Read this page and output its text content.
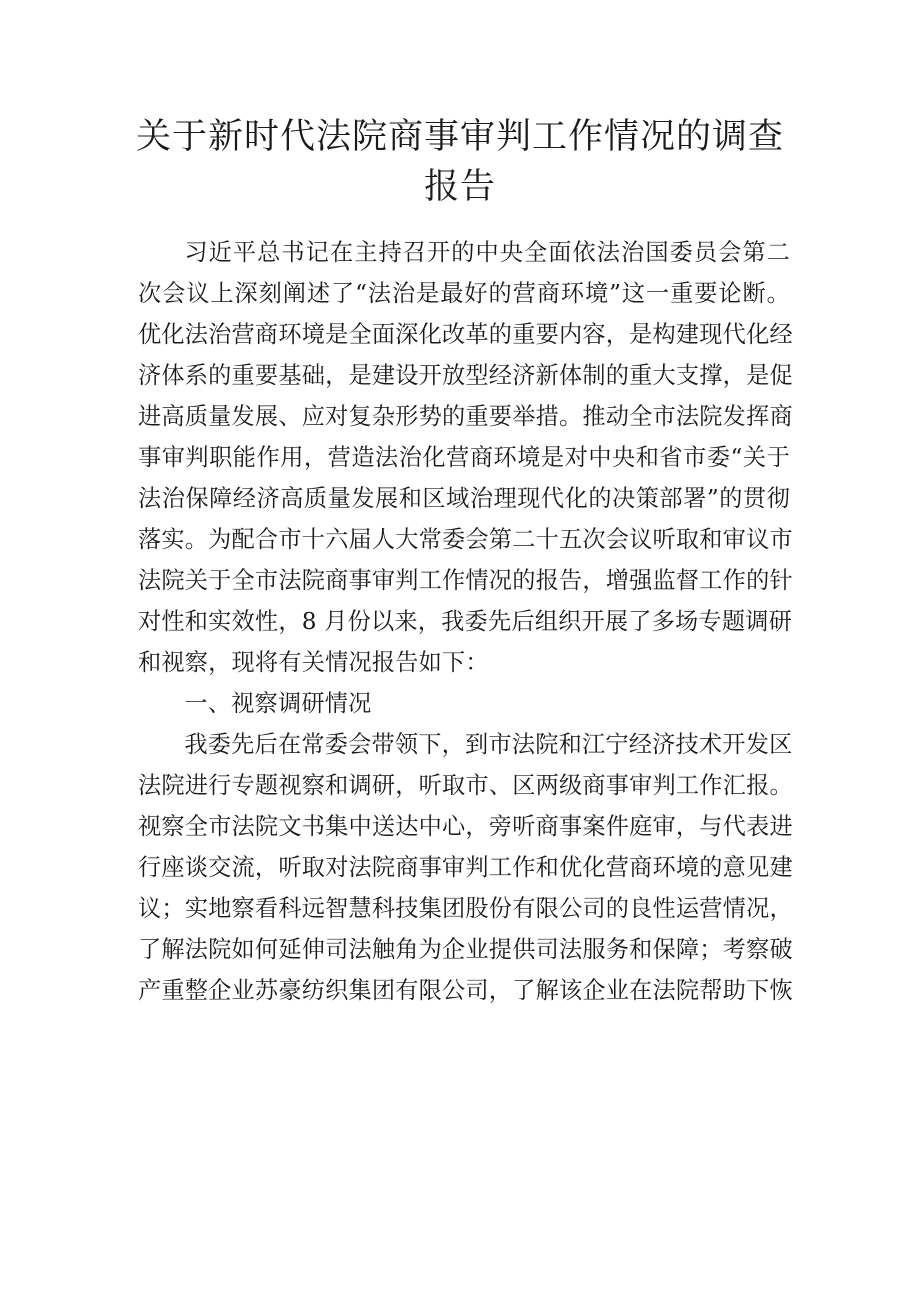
关于新时代法院商事审判工作情况的调查
报告
习近平总书记在主持召开的中央全面依法治国委员会第二
次会议上深刻阐述了“法治是最好的营商环境”这一重要论断。
优化法治营商环境是全面深化改革的重要内容，是构建现代化经
济体系的重要基础，是建设开放型经济新体制的重大支撑，是促
进高质量发展、应对复杂形势的重要举措。推动全市法院发挥商
事审判职能作用，营造法治化营商环境是对中央和省市委“关于
法治保障经济高质量发展和区域治理现代化的决策部署”的贯彻
落实。为配合市十六届人大常委会第二十五次会议听取和审议市
法院关于全市法院商事审判工作情况的报告，增强监督工作的针
对性和实效性，8 月份以来，我委先后组织开展了多场专题调研
和视察，现将有关情况报告如下：
一、视察调研情况
我委先后在常委会带领下，到市法院和江宁经济技术开发区
法院进行专题视察和调研，听取市、区两级商事审判工作汇报。
视察全市法院文书集中送达中心，旁听商事案件庭审，与代表进
行座谈交流，听取对法院商事审判工作和优化营商环境的意见建
议；实地察看科远智慧科技集团股份有限公司的良性运营情况，
了解法院如何延伸司法触角为企业提供司法服务和保障；考察破
产重整企业苏豪纺织集团有限公司，了解该企业在法院帮助下恢
